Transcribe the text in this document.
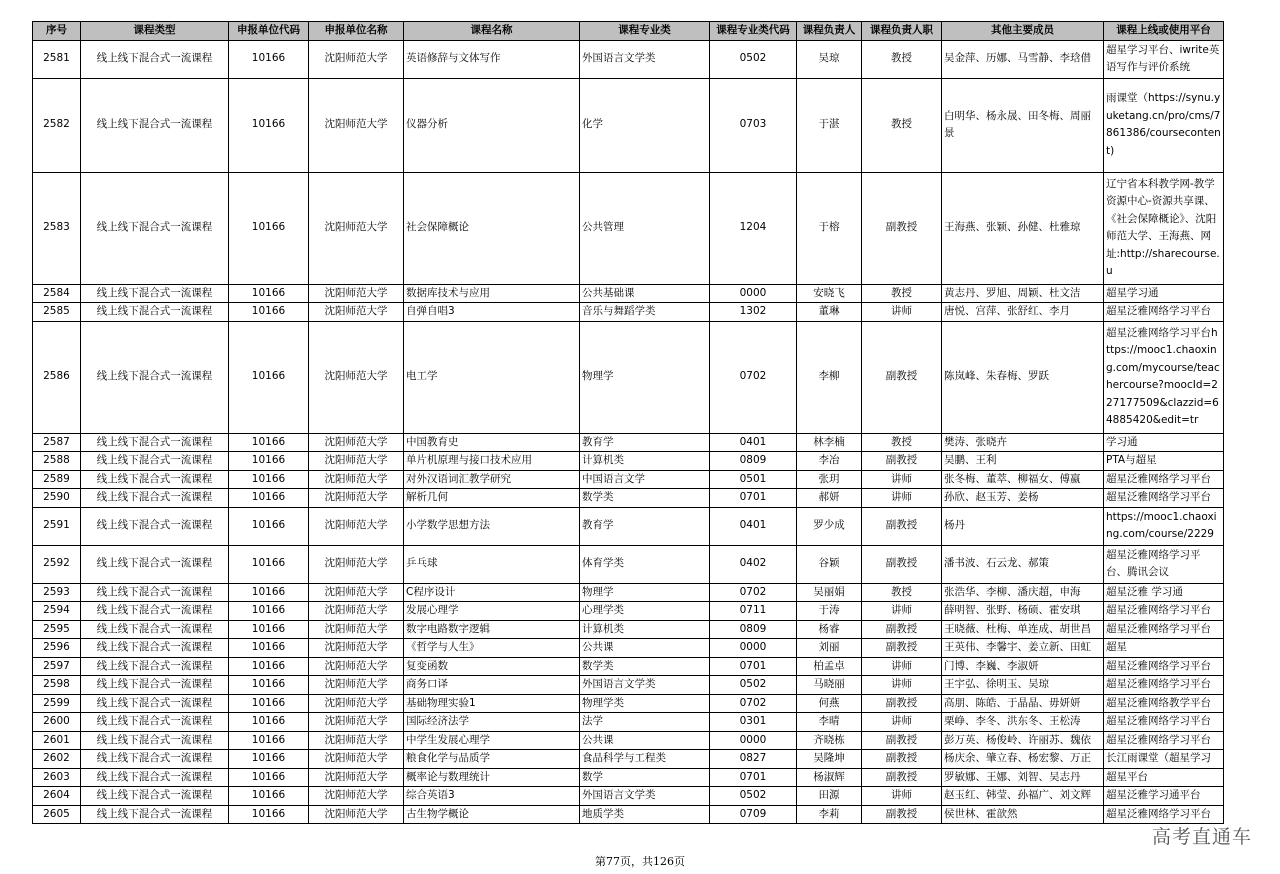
序号	课程类型	申报单位代码	申报单位名称	课程名称	课程专业类	课程专业类代码	课程负责人	课程负责人职	其他主要成员	课程上线或使用平台
2581	线上线下混合式一流课程	10166	沈阳师范大学	英语修辞与文体写作	外国语言文学类	0502	吴琼	教授	吴金萍、历娜、马雪静、李琀借	超星学习平台、iwrite英语写作与评价系统
2582	线上线下混合式一流课程	10166	沈阳师范大学	仪器分析	化学	0703	于湛	教授	白明华、杨永晟、田冬梅、周丽景	雨课堂（https://synu.yuketang.cn/pro/cms/7861386/coursecontent)
2583	线上线下混合式一流课程	10166	沈阳师范大学	社会保障概论	公共管理	1204	于榕	副教授	王海燕、张颖、孙健、杜雅琼	辽宁省本科教学网-教学资源中心-资源共享课、《社会保障概论》、沈阳师范大学、王海燕、网址:http://sharecourse.u
2584	线上线下混合式一流课程	10166	沈阳师范大学	数据库技术与应用	公共基础课	0000	安晓飞	教授	黄志丹、罗旭、周颖、杜文洁	超星学习通
2585	线上线下混合式一流课程	10166	沈阳师范大学	自弹自唱3	音乐与舞蹈学类	1302	董琳	讲师	唐悦、宫萍、张舒红、李月	超星泛雅网络学习平台
2586	线上线下混合式一流课程	10166	沈阳师范大学	电工学	物理学	0702	李柳	副教授	陈岚峰、朱春梅、罗跃	超星泛雅网络学习平台https://mooc1.chaoxing.com/mycourse/teachercourse?moocId=227177509&clazzid=64885420&edit=tr
2587	线上线下混合式一流课程	10166	沈阳师范大学	中国教育史	教育学	0401	林李楠	教授	樊涛、张晓卉	学习通
2588	线上线下混合式一流课程	10166	沈阳师范大学	单片机原理与接口技术应用	计算机类	0809	李冶	副教授	吴鹏、王利	PTA与超星
2589	线上线下混合式一流课程	10166	沈阳师范大学	对外汉语词汇教学研究	中国语言文学	0501	张玥	讲师	张冬梅、董萃、柳福女、傅嬴	超星泛雅网络学习平台
2590	线上线下混合式一流课程	10166	沈阳师范大学	解析几何	数学类	0701	郝妍	讲师	孙欣、赵玉芳、姜杨	超星泛雅网络学习平台
2591	线上线下混合式一流课程	10166	沈阳师范大学	小学数学思想方法	教育学	0401	罗少成	副教授	杨丹	https://mooc1.chaoxing.com/course/2229
2592	线上线下混合式一流课程	10166	沈阳师范大学	乒乓球	体育学类	0402	谷颖	副教授	潘书波、石云龙、郝策	超星泛雅网络学习平台、腾讯会议
2593	线上线下混合式一流课程	10166	沈阳师范大学	C程序设计	物理学	0702	吴丽娟	教授	张浩华、李柳、潘庆超，申海	超星泛雅 学习通
2594	线上线下混合式一流课程	10166	沈阳师范大学	发展心理学	心理学类	0711	于涛	讲师	薛明智、张野、杨硕、霍安琪	超星泛雅网络学习平台
2595	线上线下混合式一流课程	10166	沈阳师范大学	数字电路数字逻辑	计算机类	0809	杨睿	副教授	王晓薇、杜梅、单连成、胡世昌	超星泛雅网络学习平台
2596	线上线下混合式一流课程	10166	沈阳师范大学	《哲学与人生》	公共课	0000	刘丽	副教授	王英伟、李馨宇、姜立新、田虹	超星
2597	线上线下混合式一流课程	10166	沈阳师范大学	复变函数	数学类	0701	柏孟卓	讲师	门博、李巍、李淑妍	超星泛雅网络学习平台
2598	线上线下混合式一流课程	10166	沈阳师范大学	商务口译	外国语言文学类	0502	马晓丽	讲师	王宇弘、徐明玉、吴琼	超星泛雅网络学习平台
2599	线上线下混合式一流课程	10166	沈阳师范大学	基础物理实验1	物理学类	0702	何燕	副教授	高朋、陈皓、于晶晶、毋妍妍	超星泛雅网络教学平台
2600	线上线下混合式一流课程	10166	沈阳师范大学	国际经济法学	法学	0301	李晴	讲师	栗峥、李冬、洪东冬、王松涛	超星泛雅网络学习平台
2601	线上线下混合式一流课程	10166	沈阳师范大学	中学生发展心理学	公共课	0000	齐晓栋	副教授	彭万英、杨俊岭、许丽苏、魏依	超星泛雅网络学习平台
2602	线上线下混合式一流课程	10166	沈阳师范大学	粮食化学与品质学	食品科学与工程类	0827	吴隆坤	副教授	杨庆余、肇立春、杨宏黎、万正	长江雨课堂（超星学习
2603	线上线下混合式一流课程	10166	沈阳师范大学	概率论与数理统计	数学	0701	杨淑辉	副教授	罗敏娜、王娜、刘智、吴志丹	超星平台
2604	线上线下混合式一流课程	10166	沈阳师范大学	综合英语3	外国语言文学类	0502	田源	讲师	赵玉红、韩莹、孙福广、刘文辉	超星泛雅学习通平台
2605	线上线下混合式一流课程	10166	沈阳师范大学	古生物学概论	地质学类	0709	李莉	副教授	侯世林、霍歆然	超星泛雅网络学习平台
第77页，共126页
高考直通车
